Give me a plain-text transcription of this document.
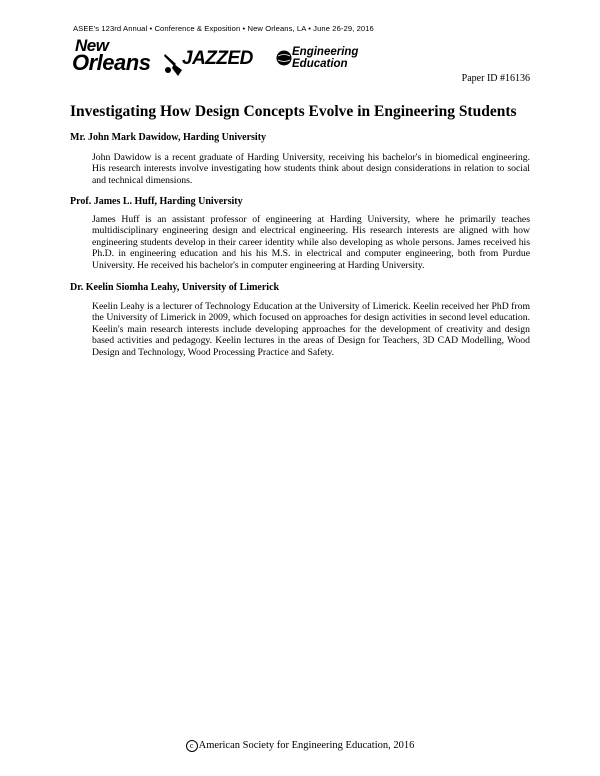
ASEE's 123rd Annual • Conference & Exposition • New Orleans, LA • June 26-29, 2016
New
Orleans JAZZED	Engineering
Education
Paper ID #16136
Investigating How Design Concepts Evolve in Engineering Students
Mr. John Mark Dawidow, Harding University

John Dawidow is a recent graduate of Harding University, receiving his bachelor's in biomedical engineering. His research interests involve investigating how students think about design considerations in relation to social and technical dimensions.

Prof. James L. Huff, Harding University

James Huff is an assistant professor of engineering at Harding University, where he primarily teaches multidisciplinary engineering design and electrical engineering. His research interests are aligned with how engineering students develop in their career identity while also developing as whole persons. James received his Ph.D. in engineering education and his his M.S. in electrical and computer engineering, both from Purdue University. He received his bachelor's in computer engineering at Harding University.

Dr. Keelin Siomha Leahy, University of Limerick

Keelin Leahy is a lecturer of Technology Education at the University of Limerick. Keelin received her PhD from the University of Limerick in 2009, which focused on approaches for design activities in second level education. Keelin's main research interests include developing approaches for the development of creativity and design based activities and pedagogy. Keelin lectures in the areas of Design for Teachers, 3D CAD Modelling, Wood Design and Technology, Wood Processing Practice and Safety.

c American Society for Engineering Education, 2016
